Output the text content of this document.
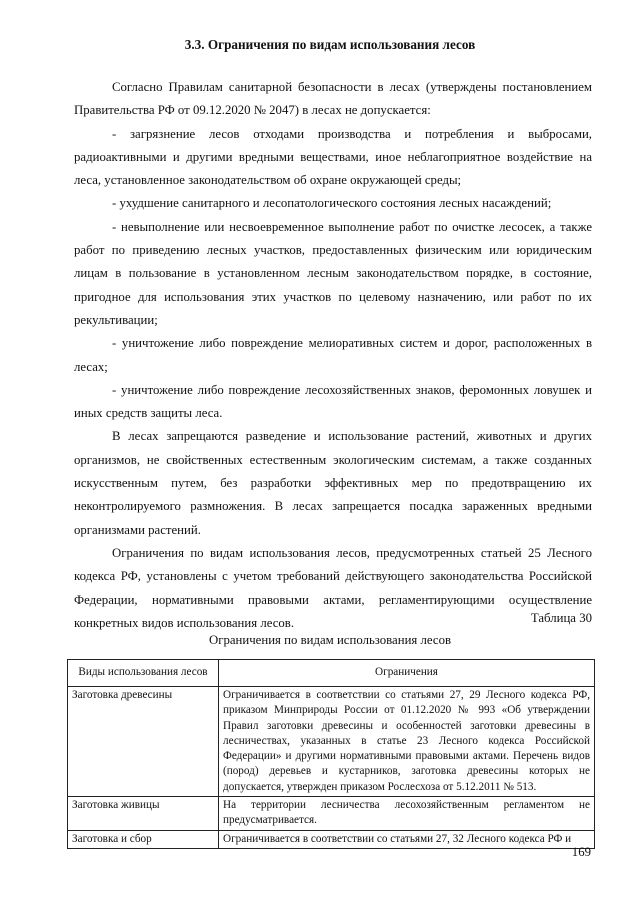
3.3. Ограничения по видам использования лесов

Согласно Правилам санитарной безопасности в лесах (утверждены постановлением Правительства РФ от 09.12.2020 № 2047) в лесах не допускается:

- загрязнение лесов отходами производства и потребления и выбросами, радиоактивными и другими вредными веществами, иное неблагоприятное воздействие на леса, установленное законодательством об охране окружающей среды;

- ухудшение санитарного и лесопатологического состояния лесных насаждений;

- невыполнение или несвоевременное выполнение работ по очистке лесосек, а также работ по приведению лесных участков, предоставленных физическим или юридическим лицам в пользование в установленном лесным законодательством порядке, в состояние, пригодное для использования этих участков по целевому назначению, или работ по их рекультивации;

- уничтожение либо повреждение мелиоративных систем и дорог, расположенных в лесах;

- уничтожение либо повреждение лесохозяйственных знаков, феромонных ловушек и иных средств защиты леса.

В лесах запрещаются разведение и использование растений, животных и других организмов, не свойственных естественным экологическим системам, а также созданных искусственным путем, без разработки эффективных мер по предотвращению их неконтролируемого размножения. В лесах запрещается посадка зараженных вредными организмами растений.

Ограничения по видам использования лесов, предусмотренных статьей 25 Лесного кодекса РФ, установлены с учетом требований действующего законодательства Российской Федерации, нормативными правовыми актами, регламентирующими осуществление конкретных видов использования лесов.	Таблица 30
Ограничения по видам использования лесов
Виды использования лесов	Ограничения
Заготовка древесины	Ограничивается в соответствии со статьями 27, 29 Лесного кодекса РФ, приказом Минприроды России от 01.12.2020 № 993 «Об утверждении Правил заготовки древесины и особенностей заготовки древесины в лесничествах, указанных в статье 23 Лесного кодекса Российской Федерации» и другими нормативными правовыми актами. Перечень видов (пород) деревьев и кустарников, заготовка древесины которых не допускается, утвержден приказом Рослесхоза от 5.12.2011 № 513.
Заготовка живицы	На территории лесничества лесохозяйственным регламентом не предусматривается.
Заготовка и сбор	Ограничивается в соответствии со статьями 27, 32 Лесного кодекса РФ и
169
